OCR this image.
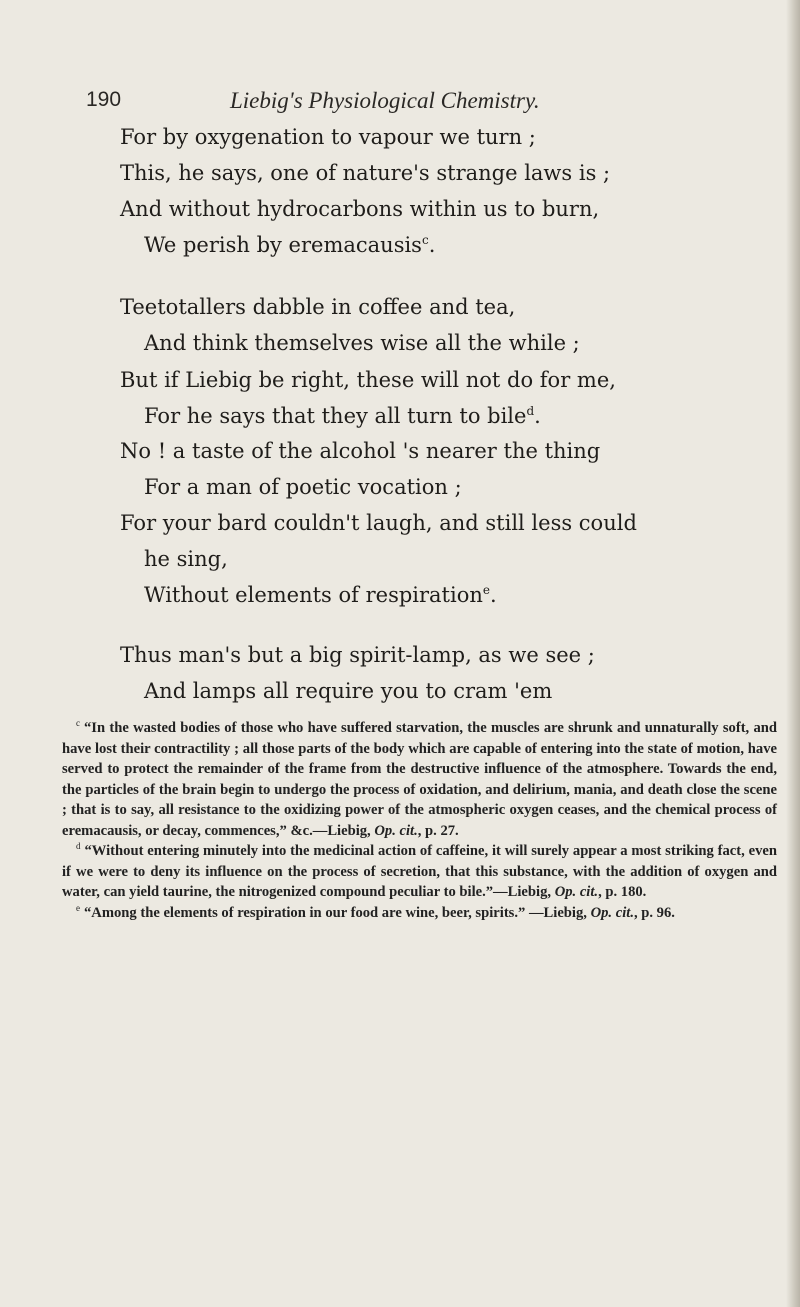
190	Liebig's Physiological Chemistry.
For by oxygenation to vapour we turn ;
This, he says, one of nature's strange laws is ;
And without hydrocarbons within us to burn,
We perish by eremacausis$^c$.
Teetotallers dabble in coffee and tea,
And think themselves wise all the while ;
But if Liebig be right, these will not do for me,
For he says that they all turn to bile$^d$.
No ! a taste of the alcohol 's nearer the thing
For a man of poetic vocation ;
For your bard couldn't laugh, and still less could
he sing,
Without elements of respiration$^e$.
Thus man's but a big spirit-lamp, as we see ;
And lamps all require you to cram 'em

$^c$ “In the wasted bodies of those who have suffered starvation, the muscles are shrunk and unnaturally soft, and have lost their contractility ; all those parts of the body which are capable of entering into the state of motion, have served to protect the remainder of the frame from the destructive influence of the atmosphere. Towards the end, the particles of the brain begin to undergo the process of oxidation, and delirium, mania, and death close the scene ; that is to say, all resistance to the oxidizing power of the atmospheric oxygen ceases, and the chemical process of eremacausis, or decay, commences,” &c.—Liebig, Op. cit., p. 27.

$^d$ “Without entering minutely into the medicinal action of caffeine, it will surely appear a most striking fact, even if we were to deny its influence on the process of secretion, that this substance, with the addition of oxygen and water, can yield taurine, the nitrogenized compound peculiar to bile.”—Liebig, Op. cit., p. 180.

$^e$ “Among the elements of respiration in our food are wine, beer, spirits.” —Liebig, Op. cit., p. 96.
